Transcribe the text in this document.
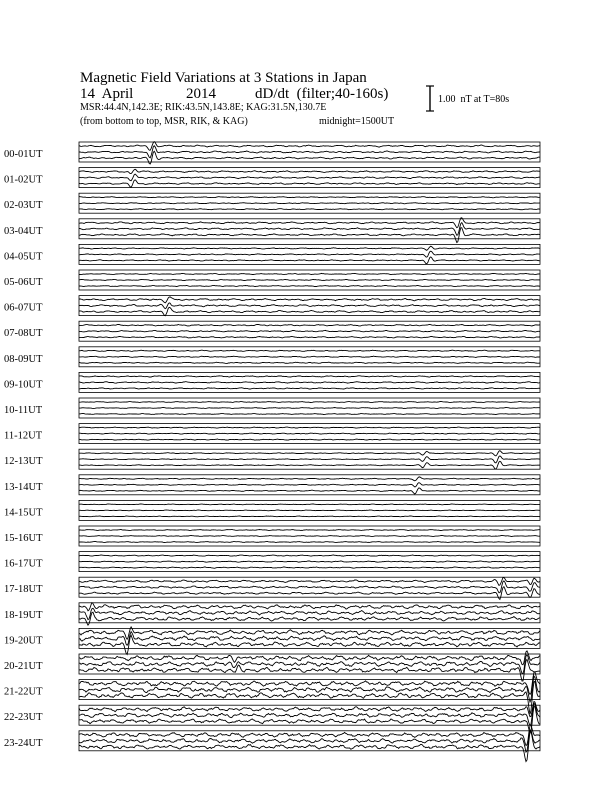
00-01UT
01-02UT
02-03UT
03-04UT
04-05UT
05-06UT
06-07UT
07-08UT
08-09UT
09-10UT
10-11UT
11-12UT
12-13UT
13-14UT
14-15UT
15-16UT
16-17UT
17-18UT
18-19UT
19-20UT
20-21UT
21-22UT
22-23UT
23-24UT
Magnetic Field Variations at 3 Stations in Japan
14  April	2014	dD/dt  (filter;40-160s)
MSR:44.4N,142.3E; RIK:43.5N,143.8E; KAG:31.5N,130.7E
(from bottom to top, MSR, RIK, & KAG)	midnight=1500UT
1.00  nT at T=80s
